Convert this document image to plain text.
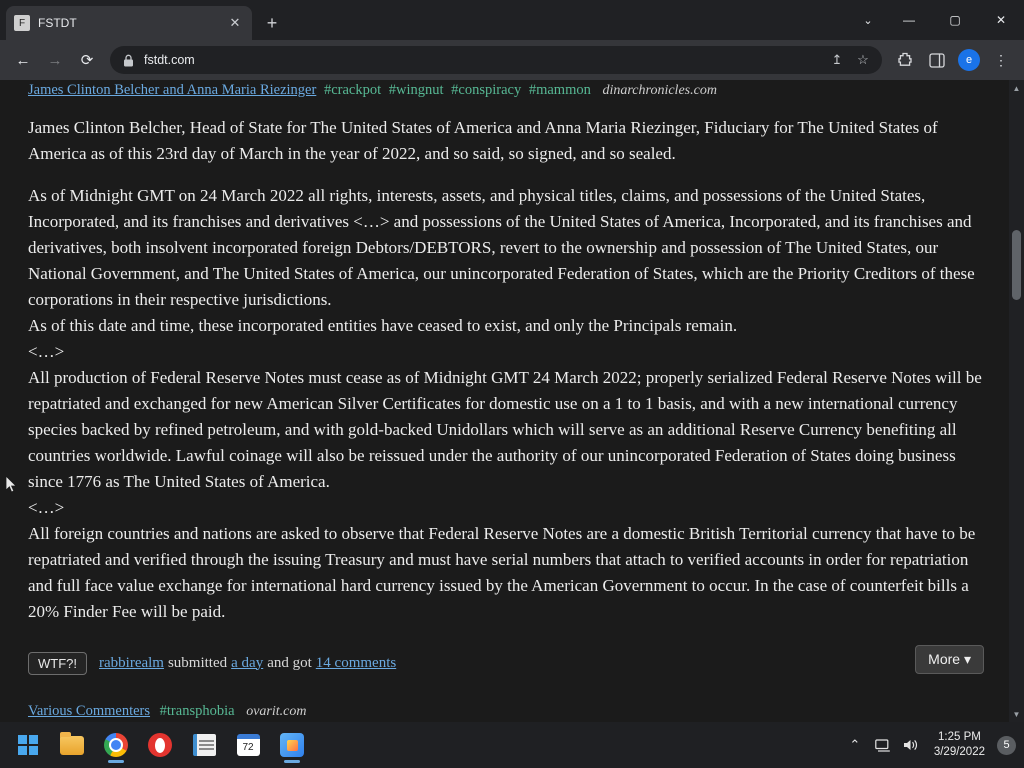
F	FSTDT	✕	+	⌄	—	▢	✕
←	→	⟳	fstdt.com	↥ ☆	e	⋮
James Clinton Belcher and Anna Maria Riezinger #crackpot #wingnut #conspiracy #mammon dinarchronicles.com

James Clinton Belcher, Head of State for The United States of America and Anna Maria Riezinger, Fiduciary for The United States of America as of this 23rd day of March in the year of 2022, and so said, so signed, and so sealed.

As of Midnight GMT on 24 March 2022 all rights, interests, assets, and physical titles, claims, and possessions of the United States, Incorporated, and its franchises and derivatives <…> and possessions of the United States of America, Incorporated, and its franchises and derivatives, both insolvent incorporated foreign Debtors/DEBTORS, revert to the ownership and possession of The United States, our National Government, and The United States of America, our unincorporated Federation of States, which are the Priority Creditors of these corporations in their respective jurisdictions.

As of this date and time, these incorporated entities have ceased to exist, and only the Principals remain.

<…>

All production of Federal Reserve Notes must cease as of Midnight GMT 24 March 2022; properly serialized Federal Reserve Notes will be repatriated and exchanged for new American Silver Certificates for domestic use on a 1 to 1 basis, and with a new international currency species backed by refined petroleum, and with gold-backed Unidollars which will serve as an additional Reserve Currency benefiting all countries worldwide. Lawful coinage will also be reissued under the authority of our unincorporated Federation of States doing business since 1776 as The United States of America.

<…>

All foreign countries and nations are asked to observe that Federal Reserve Notes are a domestic British Territorial currency that have to be repatriated and verified through the issuing Treasury and must have serial numbers that attach to verified accounts in order for repatriation and full face value exchange for international hard currency issued by the American Government to occur. In the case of counterfeit bills a 20% Finder Fee will be paid.

WTF?!	rabbirealm submitted a day and got 14 comments	More ▾
Various Commenters #transphobia ovarit.com
▲
▼
72	⌃	1:25 PM
3/29/2022
5
